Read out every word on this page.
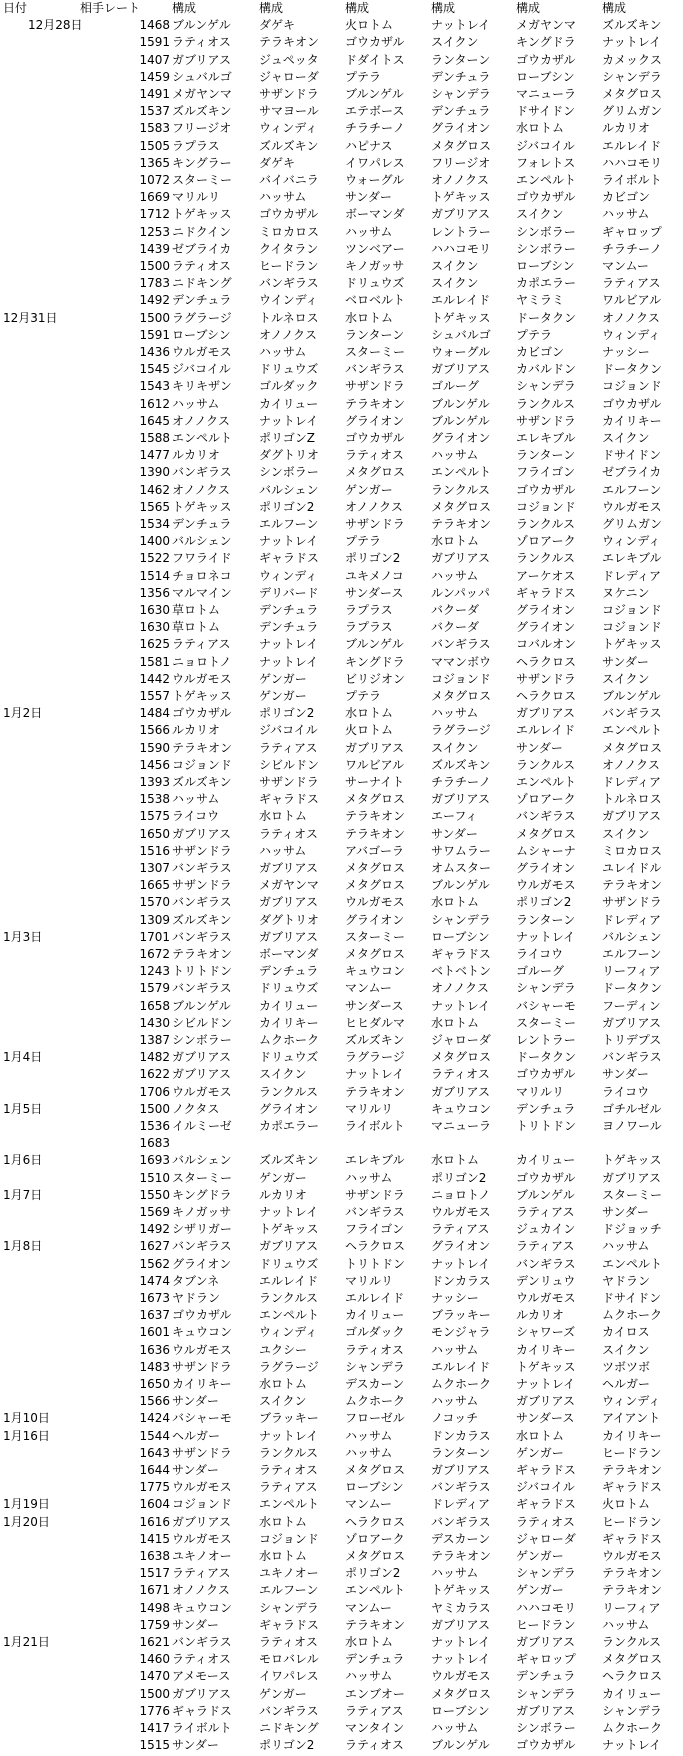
日付	相手レート	構成	構成	構成	構成	構成	構成
12月28日	1468 ブルンゲル ダゲキ	火ロトム	ナットレイ メガヤンマ ズルズキン
1591 ラティオス テラキオン ゴウカザル スイクン	キングドラ ナットレイ
1407 ガブリアス ジュペッタ ドダイトス ランターン ゴウカザル カメックス
1459 シュバルゴ ジャローダ プテラ	デンチュラ ローブシン シャンデラ
1491 メガヤンマ サザンドラ ブルンゲル シャンデラ マニューラ メタグロス
1537 ズルズキン サマヨール エテボース デンチュラ ドサイドン グリムガン
1583 フリージオ ウィンディ チラチーノ グライオン 水ロトム	ルカリオ
1505 ラプラス	ズルズキン ハピナス	メタグロス ジバコイル エルレイド
1365 キングラー ダゲキ	イワパレス フリージオ フォレトス ハハコモリ
1072 スターミー バイバニラ ウォーグル オノノクス エンペルト ライボルト
1669 マリルリ	ハッサム	サンダー	トゲキッス ゴウカザル カビゴン
1712 トゲキッス ゴウカザル ボーマンダ ガブリアス スイクン	ハッサム
1253 ニドクイン ミロカロス ハッサム	レントラー シンボラー ギャロップ
1439 ゼブライカ クイタラン ツンベアー ハハコモリ シンボラー チラチーノ
1500 ラティオス ヒードラン キノガッサ スイクン	ローブシン マンムー
1783 ニドキング バンギラス ドリュウズ スイクン	カポエラー ラティアス
1492 デンチュラ ウインディ ベロベルト エルレイド ヤミラミ	ワルビアル
12月31日	1500 ラグラージ トルネロス 水ロトム	トゲキッス ドータクン オノノクス
1591 ローブシン オノノクス ランターン シュバルゴ プテラ	ウィンディ
1436 ウルガモス ハッサム	スターミー ウォーグル カビゴン	ナッシー
1545 ジバコイル ドリュウズ バンギラス ガブリアス カバルドン ドータクン
1543 キリキザン ゴルダック サザンドラ ゴルーグ	シャンデラ コジョンド
1612 ハッサム	カイリュー テラキオン ブルンゲル ランクルス ゴウカザル
1645 オノノクス ナットレイ グライオン ブルンゲル サザンドラ カイリキー
1588 エンペルト ポリゴンZ	ゴウカザル グライオン エレキブル スイクン
1477 ルカリオ	ダグトリオ ラティオス ハッサム	ランターン ドサイドン
1390 バンギラス シンボラー メタグロス エンペルト フライゴン ゼブライカ
1462 オノノクス バルシェン ゲンガー	ランクルス ゴウカザル エルフーン
1565 トゲキッス ポリゴン2	オノノクス メタグロス コジョンド ウルガモス
1534 デンチュラ エルフーン サザンドラ テラキオン ランクルス グリムガン
1400 バルシェン ナットレイ プテラ	水ロトム	ゾロアーク ウィンディ
1522 フワライド ギャラドス ポリゴン2	ガブリアス ランクルス エレキブル
1514 チョロネコ ウィンディ ユキメノコ ハッサム	アーケオス ドレディア
1356 マルマイン デリバード サンダース ルンパッパ ギャラドス ヌケニン
1630 草ロトム	デンチュラ ラプラス	バクーダ	グライオン コジョンド
1630 草ロトム	デンチュラ ラプラス	バクーダ	グライオン コジョンド
1625 ラティアス ナットレイ ブルンゲル バンギラス コバルオン トゲキッス
1581 ニョロトノ ナットレイ キングドラ ママンボウ ヘラクロス サンダー
1442 ウルガモス ゲンガー	ビリジオン コジョンド サザンドラ スイクン
1557 トゲキッス ゲンガー	プテラ	メタグロス ヘラクロス ブルンゲル
1月2日	1484 ゴウカザル ポリゴン2	水ロトム	ハッサム	ガブリアス バンギラス
1566 ルカリオ	ジバコイル 火ロトム	ラグラージ エルレイド エンペルト
1590 テラキオン ラティアス ガブリアス スイクン	サンダー	メタグロス
1456 コジョンド シビルドン ワルビアル ズルズキン ランクルス オノノクス
1393 ズルズキン サザンドラ サーナイト チラチーノ エンペルト ドレディア
1538 ハッサム	ギャラドス メタグロス ガブリアス ゾロアーク トルネロス
1575 ライコウ	水ロトム	テラキオン エーフィ	バンギラス ガブリアス
1650 ガブリアス ラティオス テラキオン サンダー	メタグロス スイクン
1516 サザンドラ ハッサム	アバゴーラ サワムラー ムシャーナ ミロカロス
1307 バンギラス ガブリアス メタグロス オムスター グライオン ユレイドル
1665 サザンドラ メガヤンマ メタグロス ブルンゲル ウルガモス テラキオン
1570 バンギラス ガブリアス ウルガモス 水ロトム	ポリゴン2	サザンドラ
1309 ズルズキン ダグトリオ グライオン シャンデラ ランターン ドレディア
1月3日	1701 バンギラス ガブリアス スターミー ローブシン ナットレイ バルシェン
1672 テラキオン ボーマンダ メタグロス ギャラドス ライコウ	エルフーン
1243 トリトドン デンチュラ キュウコン ベトベトン ゴルーグ	リーフィア
1579 バンギラス ドリュウズ マンムー	オノノクス シャンデラ ドータクン
1658 ブルンゲル カイリュー サンダース ナットレイ バシャーモ フーディン
1430 シビルドン カイリキー ヒヒダルマ 水ロトム	スターミー ガブリアス
1387 シンボラー ムクホーク ズルズキン ジャローダ レントラー トリデプス
1月4日	1482 ガブリアス ドリュウズ ラグラージ メタグロス ドータクン バンギラス
1622 ガブリアス スイクン	ナットレイ ラティオス ゴウカザル サンダー
1706 ウルガモス ランクルス テラキオン ガブリアス マリルリ	ライコウ
1月5日	1500 ノクタス	グライオン マリルリ	キュウコン デンチュラ ゴチルゼル
1536 イルミーゼ カポエラー ライボルト マニューラ トリトドン ヨノワール
1683
1月6日	1693 バルシェン ズルズキン エレキブル 水ロトム	カイリュー トゲキッス
1510 スターミー ゲンガー	ハッサム	ポリゴン2 ゴウカザル ガブリアス
1月7日	1550 キングドラ ルカリオ	サザンドラ ニョロトノ ブルンゲル スターミー
1569 キノガッサ ナットレイ バンギラス ウルガモス ラティアス サンダー
1492 シザリガー トゲキッス フライゴン ラティアス ジュカイン ドジョッチ
1月8日	1627 バンギラス ガブリアス ヘラクロス グライオン ラティアス ハッサム
1562 グライオン ドリュウズ トリトドン ナットレイ バンギラス エンペルト
1474 タブンネ	エルレイド マリルリ	ドンカラス デンリュウ ヤドラン
1673 ヤドラン	ランクルス エルレイド ナッシー	ウルガモス ドサイドン
1637 ゴウカザル エンペルト カイリュー ブラッキー ルカリオ	ムクホーク
1601 キュウコン ウィンディ ゴルダック モンジャラ シャワーズ カイロス
1636 ウルガモス ユクシー	ラティオス ハッサム	カイリキー スイクン
1483 サザンドラ ラグラージ シャンデラ エルレイド トゲキッス ツボツボ
1650 カイリキー 水ロトム	デスカーン ムクホーク ナットレイ ヘルガー
1566 サンダー	スイクン	ムクホーク ハッサム	ガブリアス ウィンディ
1月10日	1424 バシャーモ ブラッキー フローゼル ノコッチ	サンダース アイアント
1月16日	1544 ヘルガー	ナットレイ ハッサム	ドンカラス 水ロトム	カイリキー
1643 サザンドラ ランクルス ハッサム	ランターン ゲンガー	ヒードラン
1644 サンダー	ラティオス メタグロス ガブリアス ギャラドス テラキオン
1775 ウルガモス ラティアス ローブシン バンギラス ジバコイル ギャラドス
1月19日	1604 コジョンド エンペルト マンムー	ドレディア ギャラドス 火ロトム
1月20日	1616 ガブリアス 水ロトム	ヘラクロス バンギラス ラティオス ヒードラン
1415 ウルガモス コジョンド ゾロアーク デスカーン ジャローダ ギャラドス
1638 ユキノオー 水ロトム	メタグロス テラキオン ゲンガー	ウルガモス
1517 ラティアス ユキノオー ポリゴン2	ハッサム	シャンデラ テラキオン
1671 オノノクス エルフーン エンペルト トゲキッス ゲンガー	テラキオン
1498 キュウコン シャンデラ マンムー	ヤミカラス ハハコモリ リーフィア
1759 サンダー	ギャラドス テラキオン ガブリアス ヒードラン ハッサム
1月21日	1621 バンギラス ラティオス 水ロトム	ナットレイ ガブリアス ランクルス
1460 ラティオス モロバレル デンチュラ ナットレイ ギャロップ メタグロス
1470 アメモース イワパレス ハッサム	ウルガモス デンチュラ ヘラクロス
1500 ガブリアス ゲンガー	エンブオー メタグロス シャンデラ カイリュー
1776 ギャラドス バンギラス ラティアス ローブシン ガブリアス シャンデラ
1417 ライボルト ニドキング マンタイン ハッサム	シンボラー ムクホーク
1515 サンダー	ポリゴン2	ラティオス ブルンゲル ゴウカザル ナットレイ
